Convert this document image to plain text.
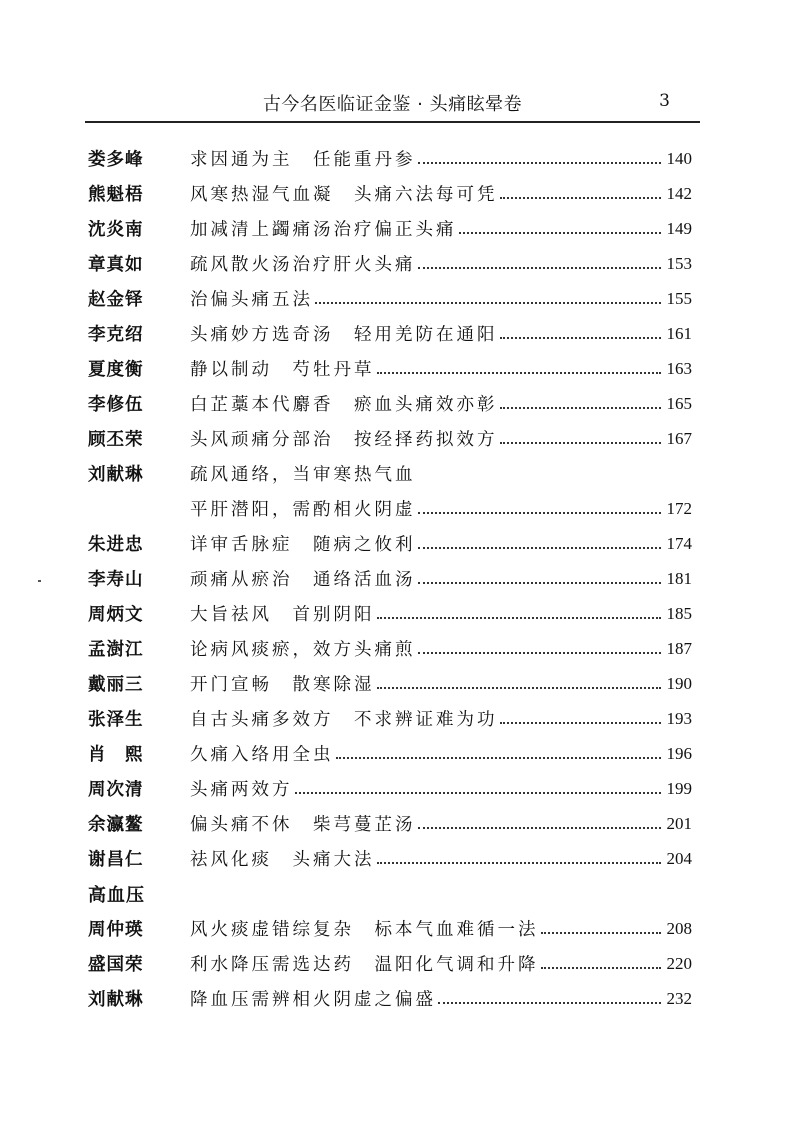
古今名医临证金鉴 · 头痛眩晕卷	3
娄多峰	求因通为主　任能重丹参	140
熊魁梧	风寒热湿气血凝　头痛六法每可凭	142
沈炎南	加减清上蠲痛汤治疗偏正头痛	149
章真如	疏风散火汤治疗肝火头痛	153
赵金铎	治偏头痛五法	155
李克绍	头痛妙方选奇汤　轻用羌防在通阳	161
夏度衡	静以制动　芍牡丹草	163
李修伍	白芷藁本代麝香　瘀血头痛效亦彰	165
顾丕荣	头风顽痛分部治　按经择药拟效方	167
刘献琳	疏风通络，当审寒热气血
平肝潜阳，需酌相火阴虚	172
朱进忠	详审舌脉症　随病之攸利	174
李寿山	顽痛从瘀治　通络活血汤	181
周炳文	大旨祛风　首别阴阳	185
孟澍江	论病风痰瘀，效方头痛煎	187
戴丽三	开门宣畅　散寒除湿	190
张泽生	自古头痛多效方　不求辨证难为功	193
肖　熙	久痛入络用全虫	196
周次清	头痛两效方	199
余瀛鳌	偏头痛不休　柴芎蔓芷汤	201
谢昌仁	祛风化痰　头痛大法	204
高血压
周仲瑛	风火痰虚错综复杂　标本气血难循一法	208
盛国荣	利水降压需选达药　温阳化气调和升降	220
刘献琳	降血压需辨相火阴虚之偏盛	232
